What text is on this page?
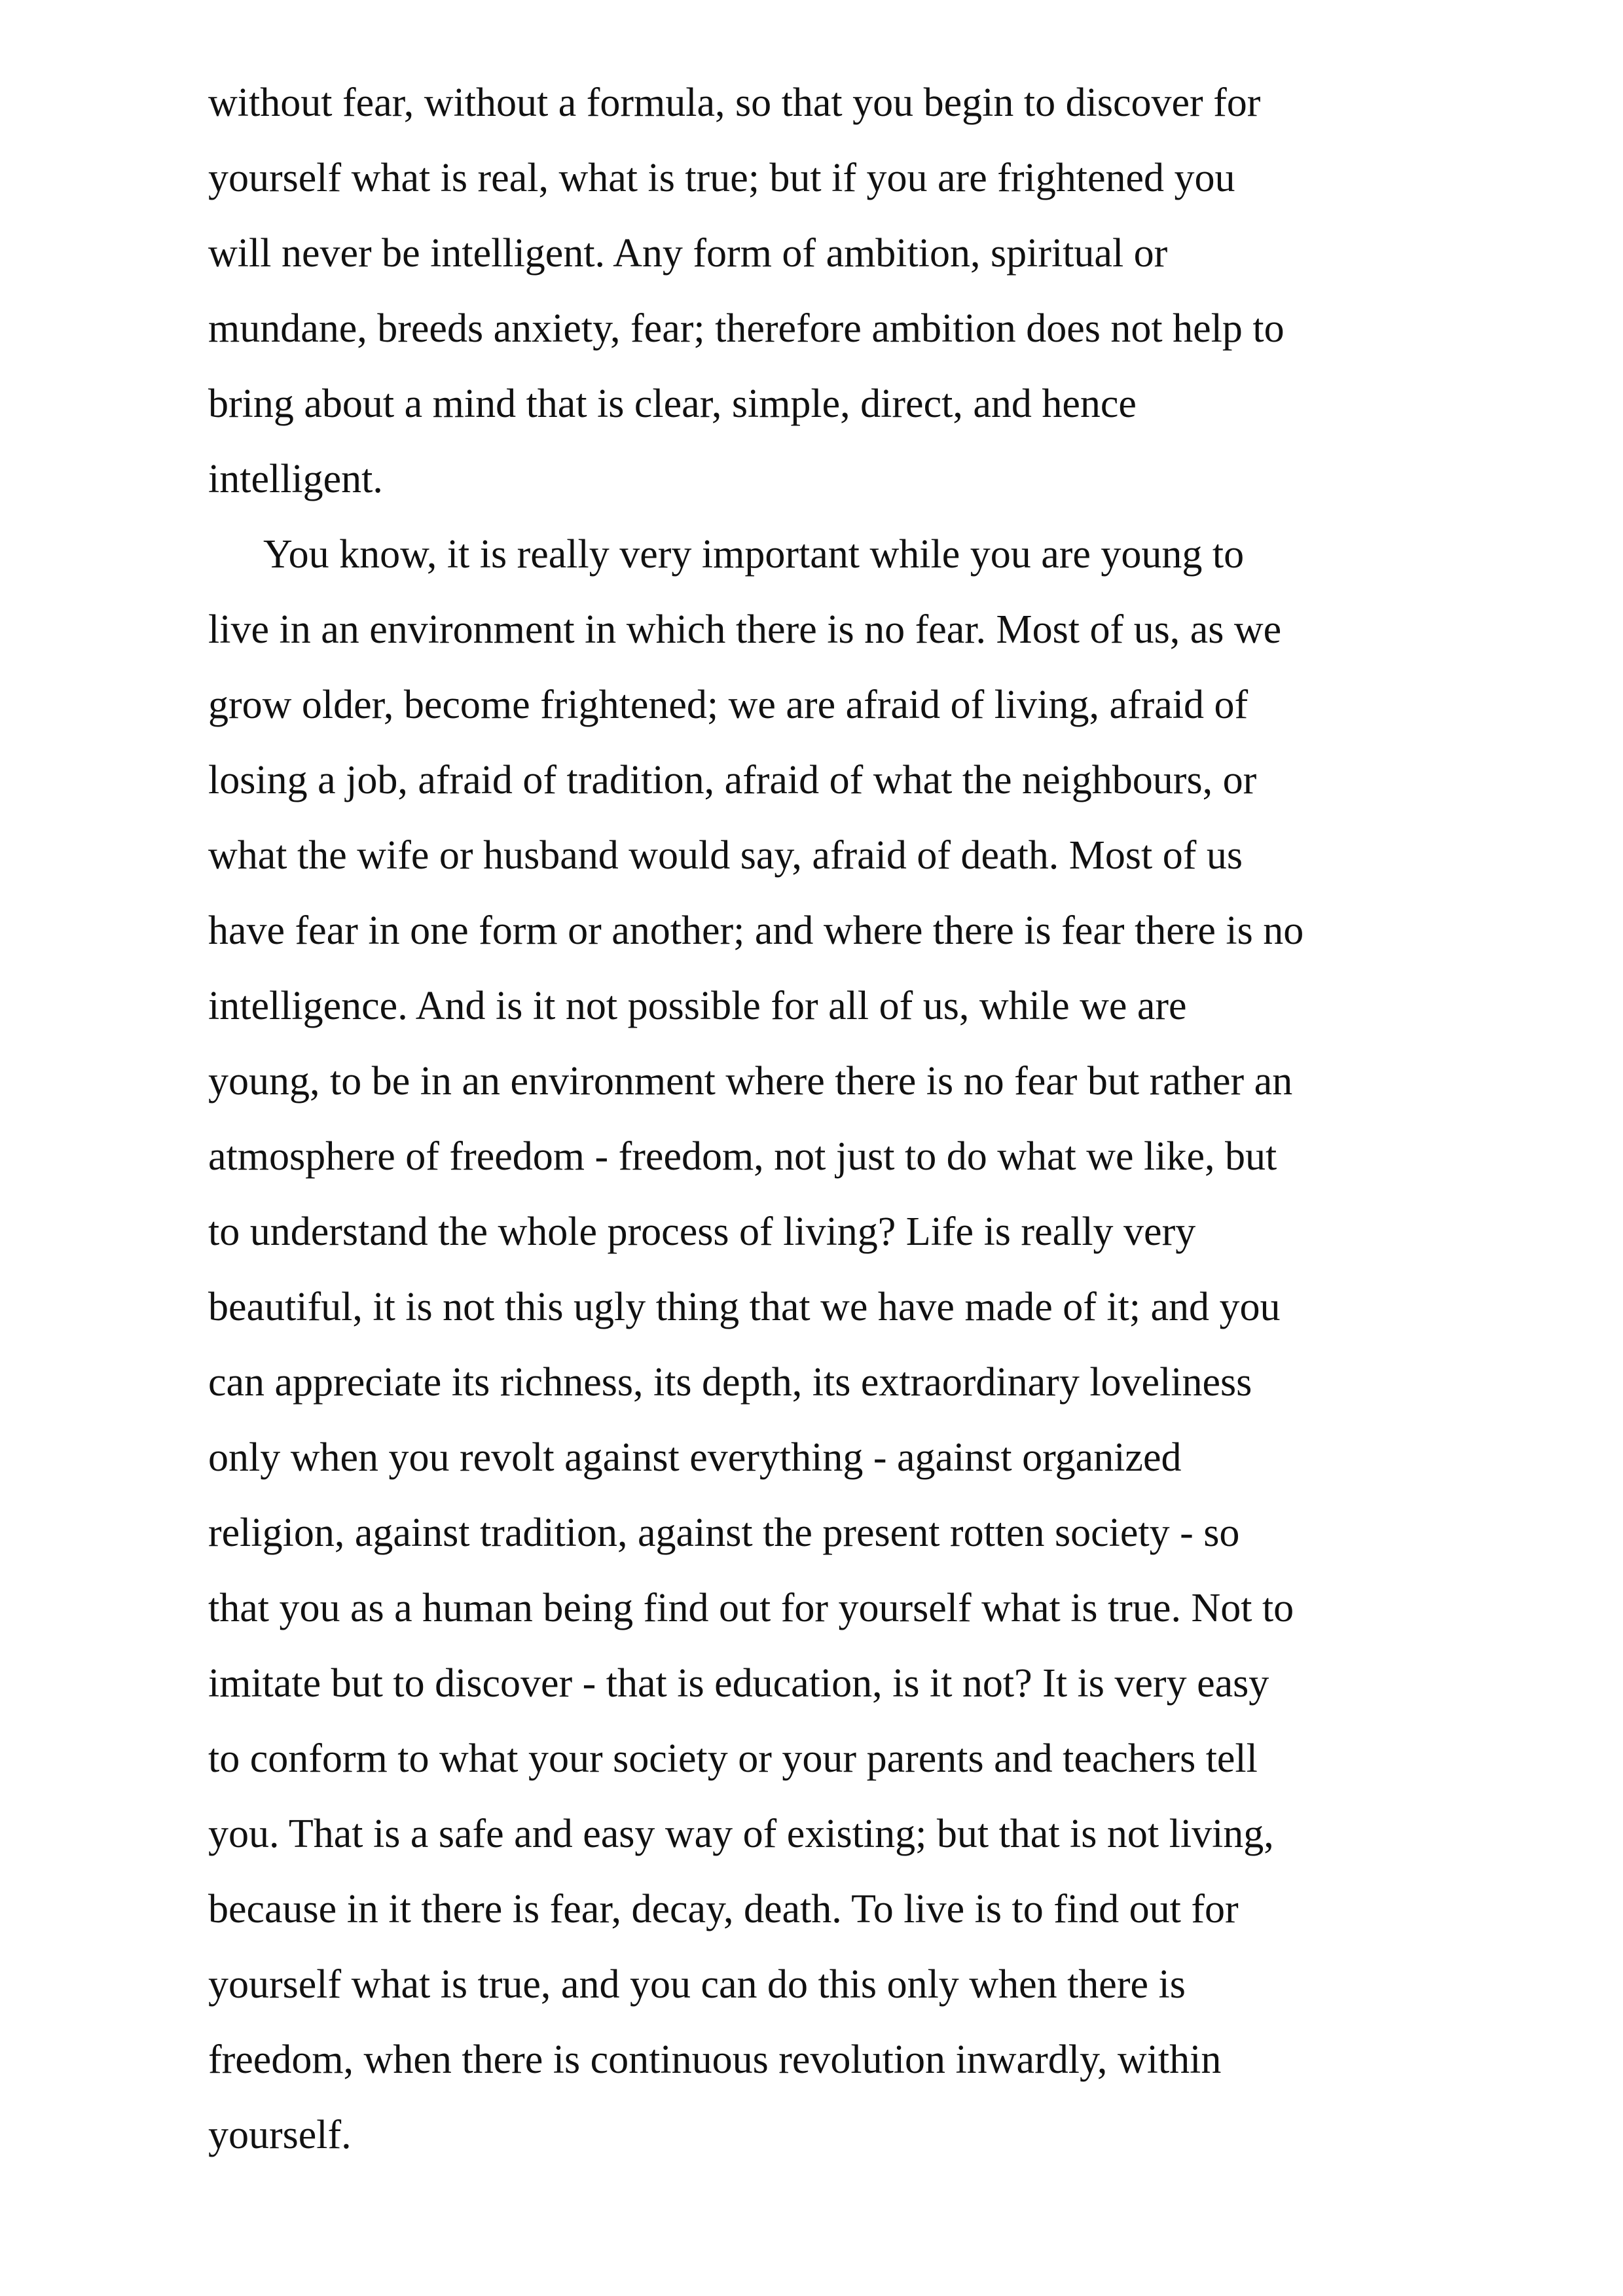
without fear, without a formula, so that you begin to discover for
yourself what is real, what is true; but if you are frightened you
will never be intelligent. Any form of ambition, spiritual or
mundane, breeds anxiety, fear; therefore ambition does not help to
bring about a mind that is clear, simple, direct, and hence
intelligent.
You know, it is really very important while you are young to
live in an environment in which there is no fear. Most of us, as we
grow older, become frightened; we are afraid of living, afraid of
losing a job, afraid of tradition, afraid of what the neighbours, or
what the wife or husband would say, afraid of death. Most of us
have fear in one form or another; and where there is fear there is no
intelligence. And is it not possible for all of us, while we are
young, to be in an environment where there is no fear but rather an
atmosphere of freedom - freedom, not just to do what we like, but
to understand the whole process of living? Life is really very
beautiful, it is not this ugly thing that we have made of it; and you
can appreciate its richness, its depth, its extraordinary loveliness
only when you revolt against everything - against organized
religion, against tradition, against the present rotten society - so
that you as a human being find out for yourself what is true. Not to
imitate but to discover - that is education, is it not? It is very easy
to conform to what your society or your parents and teachers tell
you. That is a safe and easy way of existing; but that is not living,
because in it there is fear, decay, death. To live is to find out for
yourself what is true, and you can do this only when there is
freedom, when there is continuous revolution inwardly, within
yourself.
